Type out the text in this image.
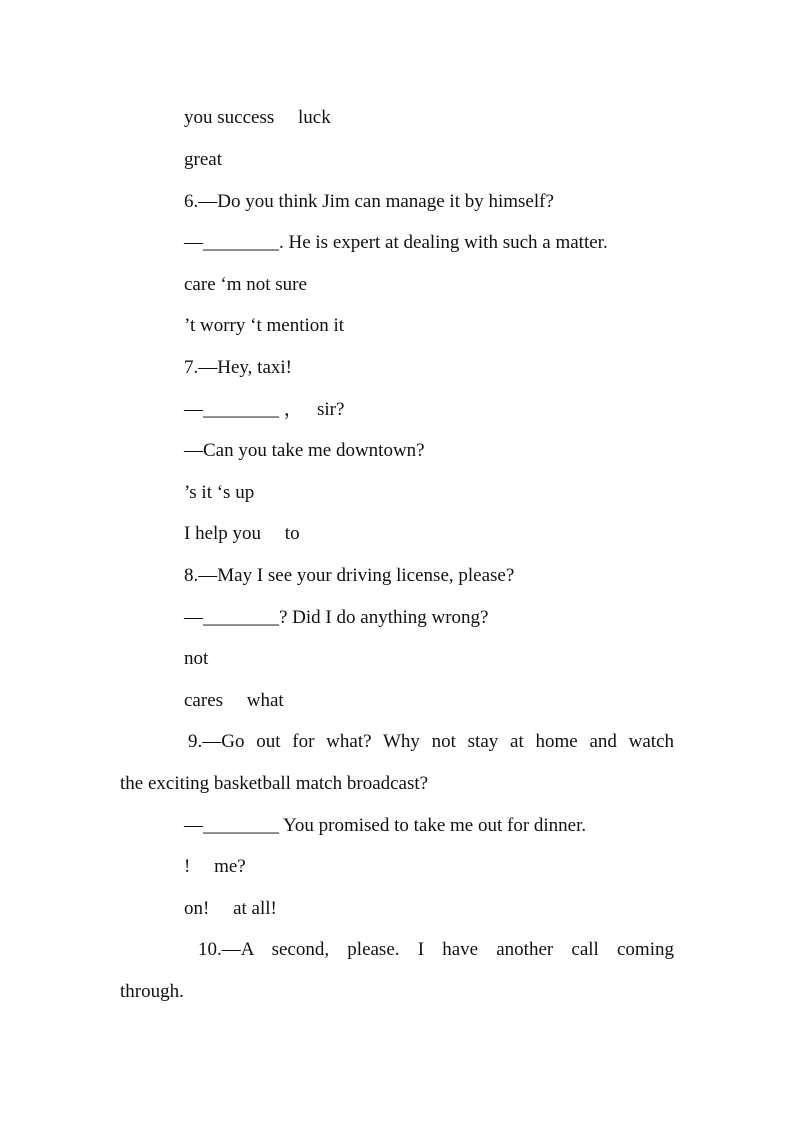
you success     luck
great
6.—Do you think Jim can manage it by himself?
—________. He is expert at dealing with such a matter.
care ‘m not sure
’t worry ‘t mention it
7.—Hey, taxi!
—________ ，   sir?
—Can you take me downtown?
’s it ‘s up
I help you     to
8.—May I see your driving license, please?
—________? Did I do anything wrong?
not
cares     what
9.—Go out for what? Why not stay at home and watch
the exciting basketball match broadcast?
—________ You promised to take me out for dinner.
!     me?
on!     at all!
10.—A second, please. I have another call coming
through.
